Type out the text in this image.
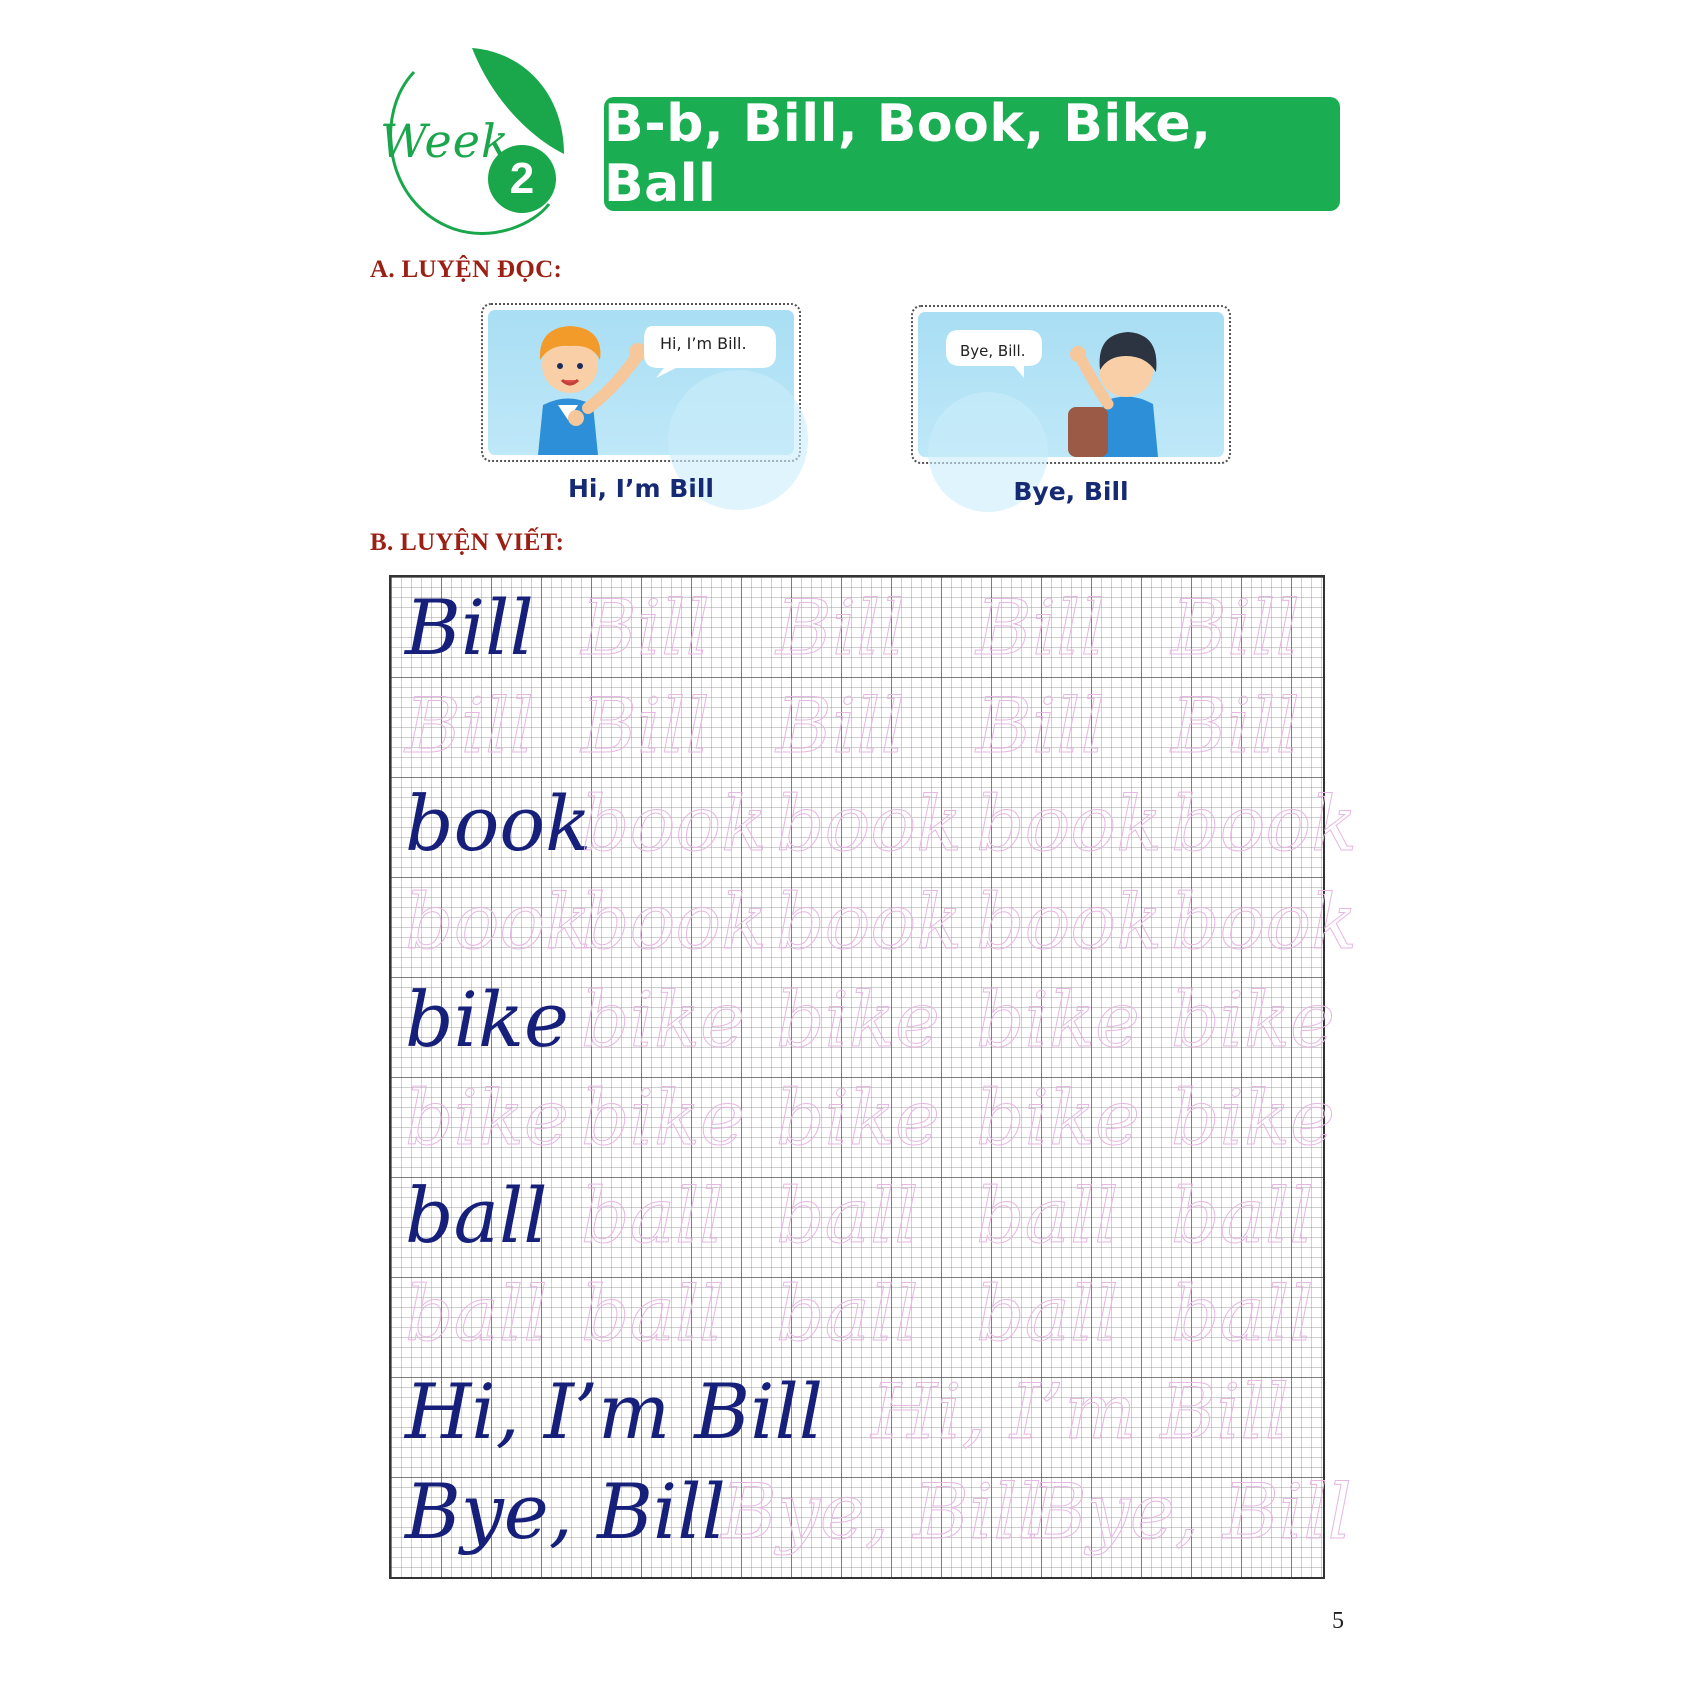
Week
2
B-b, Bill, Book, Bike, Ball
A. LUYỆN ĐỌC:
Hi, I’m Bill.
Hi, I’m Bill
Bye, Bill.
Bye, Bill
B. LUYỆN VIẾT:
Bill Bill Bill Bill Bill
Bill Bill Bill Bill Bill
book
book book book book
book
book book book book
bike bike bike bike bike
bike bike bike bike bike
ball ball ball ball ball
ball ball ball ball ball
Hi, I’m Bill Hi, I’m Bill
Bye, Bill
Bye, Bill
Bye, Bill
5
